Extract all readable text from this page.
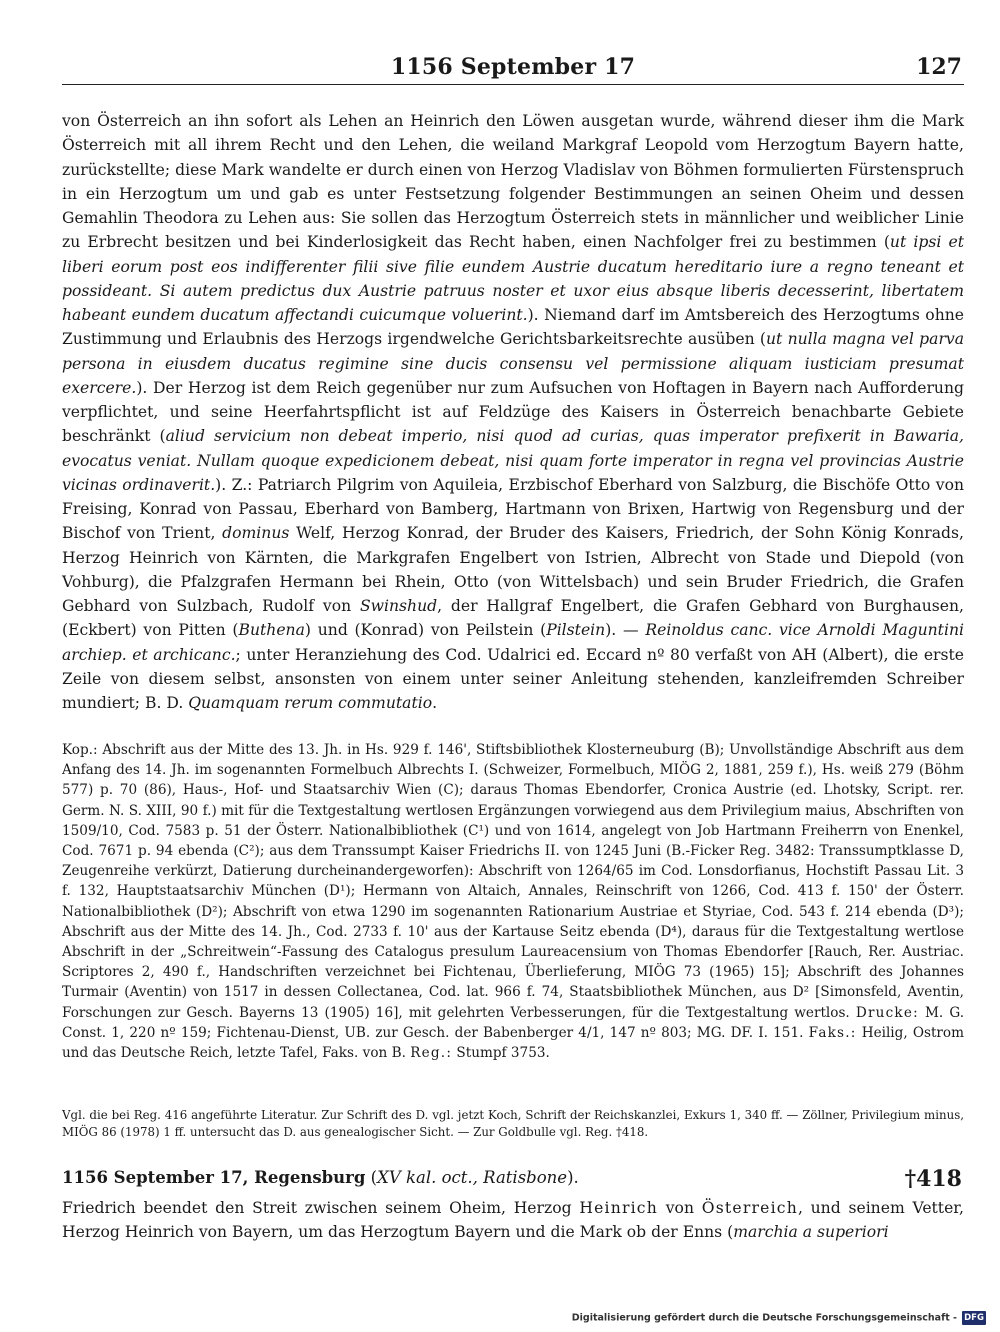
1156 September 17	127

von Österreich an ihn sofort als Lehen an Heinrich den Löwen ausgetan wurde, während dieser ihm die Mark Österreich mit all ihrem Recht und den Lehen, die weiland Markgraf Leopold vom Herzogtum Bayern hatte, zurückstellte; diese Mark wandelte er durch einen von Herzog Vladislav von Böhmen formulierten Fürstenspruch in ein Herzogtum um und gab es unter Festsetzung folgender Bestimmungen an seinen Oheim und dessen Gemahlin Theodora zu Lehen aus: Sie sollen das Herzogtum Österreich stets in männlicher und weiblicher Linie zu Erbrecht besitzen und bei Kinderlosigkeit das Recht haben, einen Nachfolger frei zu bestimmen (ut ipsi et liberi eorum post eos indifferenter filii sive filie eundem Austrie ducatum hereditario iure a regno teneant et possideant. Si autem predictus dux Austrie patruus noster et uxor eius absque liberis decesserint, libertatem habeant eundem ducatum affectandi cuicumque voluerint.). Niemand darf im Amtsbereich des Herzogtums ohne Zustimmung und Erlaubnis des Herzogs irgendwelche Gerichtsbarkeitsrechte ausüben (ut nulla magna vel parva persona in eiusdem ducatus regimine sine ducis consensu vel permissione aliquam iusticiam presumat exercere.). Der Herzog ist dem Reich gegenüber nur zum Aufsuchen von Hoftagen in Bayern nach Aufforderung verpflichtet, und seine Heerfahrtspflicht ist auf Feldzüge des Kaisers in Österreich benachbarte Gebiete beschränkt (aliud servicium non debeat imperio, nisi quod ad curias, quas imperator prefixerit in Bawaria, evocatus veniat. Nullam quoque expedicionem debeat, nisi quam forte imperator in regna vel provincias Austrie vicinas ordinaverit.). Z.: Patriarch Pilgrim von Aquileia, Erzbischof Eberhard von Salzburg, die Bischöfe Otto von Freising, Konrad von Passau, Eberhard von Bamberg, Hartmann von Brixen, Hartwig von Regensburg und der Bischof von Trient, dominus Welf, Herzog Konrad, der Bruder des Kaisers, Friedrich, der Sohn König Konrads, Herzog Heinrich von Kärnten, die Markgrafen Engelbert von Istrien, Albrecht von Stade und Diepold (von Vohburg), die Pfalzgrafen Hermann bei Rhein, Otto (von Wittelsbach) und sein Bruder Friedrich, die Grafen Gebhard von Sulzbach, Rudolf von Swinshud, der Hallgraf Engelbert, die Grafen Gebhard von Burghausen, (Eckbert) von Pitten (Buthena) und (Konrad) von Peilstein (Pilstein). — Reinoldus canc. vice Arnoldi Maguntini archiep. et archicanc.; unter Heranziehung des Cod. Udalrici ed. Eccard nº 80 verfaßt von AH (Albert), die erste Zeile von diesem selbst, ansonsten von einem unter seiner Anleitung stehenden, kanzleifremden Schreiber mundiert; B. D. Quamquam rerum commutatio.

Kop.: Abschrift aus der Mitte des 13. Jh. in Hs. 929 f. 146', Stiftsbibliothek Klosterneuburg (B); Unvollständige Abschrift aus dem Anfang des 14. Jh. im sogenannten Formelbuch Albrechts I. (Schweizer, Formelbuch, MIÖG 2, 1881, 259 f.), Hs. weiß 279 (Böhm 577) p. 70 (86), Haus-, Hof- und Staatsarchiv Wien (C); daraus Thomas Ebendorfer, Cronica Austrie (ed. Lhotsky, Script. rer. Germ. N. S. XIII, 90 f.) mit für die Textgestaltung wertlosen Ergänzungen vorwiegend aus dem Privilegium maius, Abschriften von 1509/10, Cod. 7583 p. 51 der Österr. Nationalbibliothek (C¹) und von 1614, angelegt von Job Hartmann Freiherrn von Enenkel, Cod. 7671 p. 94 ebenda (C²); aus dem Transsumpt Kaiser Friedrichs II. von 1245 Juni (B.-Ficker Reg. 3482: Transsumptklasse D, Zeugenreihe verkürzt, Datierung durcheinandergeworfen): Abschrift von 1264/65 im Cod. Lonsdorfianus, Hochstift Passau Lit. 3 f. 132, Hauptstaatsarchiv München (D¹); Hermann von Altaich, Annales, Reinschrift von 1266, Cod. 413 f. 150' der Österr. Nationalbibliothek (D²); Abschrift von etwa 1290 im sogenannten Rationarium Austriae et Styriae, Cod. 543 f. 214 ebenda (D³); Abschrift aus der Mitte des 14. Jh., Cod. 2733 f. 10' aus der Kartause Seitz ebenda (D⁴), daraus für die Textgestaltung wertlose Abschrift in der „Schreitwein“-Fassung des Catalogus presulum Laureacensium von Thomas Ebendorfer [Rauch, Rer. Austriac. Scriptores 2, 490 f., Handschriften verzeichnet bei Fichtenau, Überlieferung, MIÖG 73 (1965) 15]; Abschrift des Johannes Turmair (Aventin) von 1517 in dessen Collectanea, Cod. lat. 966 f. 74, Staatsbibliothek München, aus D² [Simonsfeld, Aventin, Forschungen zur Gesch. Bayerns 13 (1905) 16], mit gelehrten Verbesserungen, für die Textgestaltung wertlos. Drucke: M. G. Const. 1, 220 nº 159; Fichtenau-Dienst, UB. zur Gesch. der Babenberger 4/1, 147 nº 803; MG. DF. I. 151. Faks.: Heilig, Ostrom und das Deutsche Reich, letzte Tafel, Faks. von B. Reg.: Stumpf 3753.

Vgl. die bei Reg. 416 angeführte Literatur. Zur Schrift des D. vgl. jetzt Koch, Schrift der Reichskanzlei, Exkurs 1, 340 ff. — Zöllner, Privilegium minus, MIÖG 86 (1978) 1 ff. untersucht das D. aus genealogischer Sicht. — Zur Goldbulle vgl. Reg. †418.

1156 September 17, Regensburg (XV kal. oct., Ratisbone).	†418

Friedrich beendet den Streit zwischen seinem Oheim, Herzog Heinrich von Österreich, und seinem Vetter, Herzog Heinrich von Bayern, um das Herzogtum Bayern und die Mark ob der Enns (marchia a superiori

Digitalisierung gefördert durch die Deutsche Forschungsgemeinschaft - DFG
